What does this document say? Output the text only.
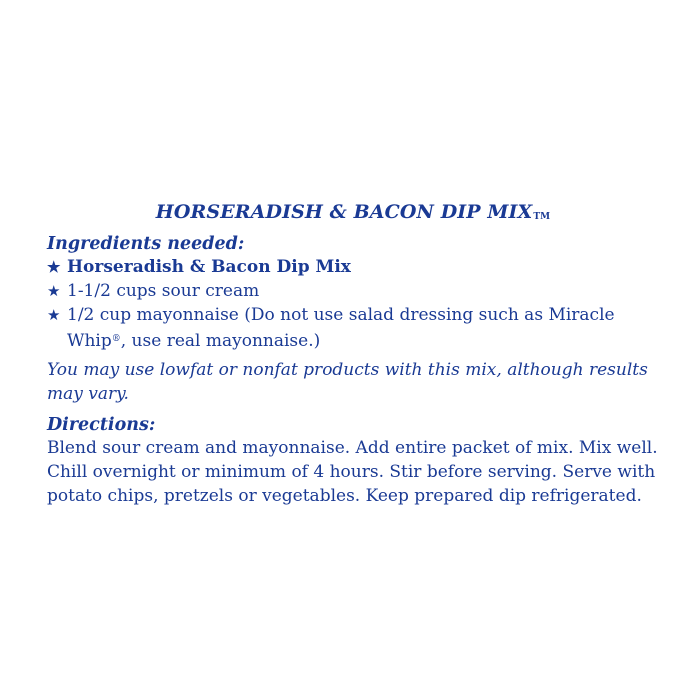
HORSERADISH & BACON DIP MIXTM
Ingredients needed:
★ Horseradish & Bacon Dip Mix
★ 1-1/2 cups sour cream
★ 1/2 cup mayonnaise (Do not use salad dressing such as Miracle Whip®, use real mayonnaise.)

You may use lowfat or nonfat products with this mix, although results may vary.

Directions:

Blend sour cream and mayonnaise. Add entire packet of mix. Mix well. Chill overnight or minimum of 4 hours. Stir before serving. Serve with potato chips, pretzels or vegetables. Keep prepared dip refrigerated.
